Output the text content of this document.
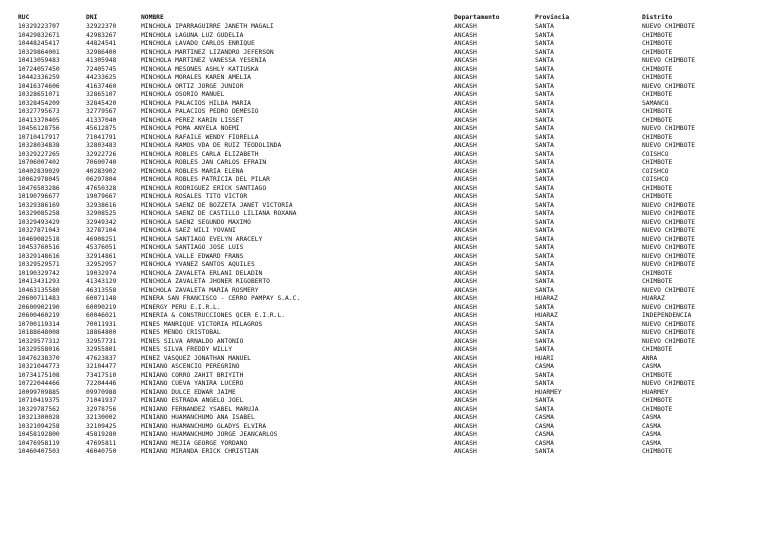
RUC	DNI	NOMBRE	Departamento	Provincia	Distrito
10329223707	32922370	MINCHOLA IPARRAGUIRRE JANETH MAGALI	ANCASH	SANTA	NUEVO CHIMBOTE
10429832671	42983267	MINCHOLA LAGUNA LUZ GUDELIA	ANCASH	SANTA	CHIMBOTE
10448245417	44824541	MINCHOLA LAVADO CARLOS ENRIQUE	ANCASH	SANTA	CHIMBOTE
10329864001	32986400	MINCHOLA MARTINEZ LIZANDRO JEFERSON	ANCASH	SANTA	CHIMBOTE
10413059483	41305948	MINCHOLA MARTINEZ VANESSA YESENIA	ANCASH	SANTA	NUEVO CHIMBOTE
10724057450	72405745	MINCHOLA MESONES ASHLY KATIUSKA	ANCASH	SANTA	CHIMBOTE
10442336259	44233625	MINCHOLA MORALES KAREN AMELIA	ANCASH	SANTA	CHIMBOTE
10416374606	41637460	MINCHOLA ORTIZ JORGE JUNIOR	ANCASH	SANTA	NUEVO CHIMBOTE
10328651071	32865107	MINCHOLA OSORIO MANUEL	ANCASH	SANTA	CHIMBOTE
10328454209	32845420	MINCHOLA PALACIOS HILDA MARIA	ANCASH	SANTA	SAMANCO
10327795673	32779567	MINCHOLA PALACIOS PEDRO DEMESIO	ANCASH	SANTA	CHIMBOTE
10413370405	41337040	MINCHOLA PEREZ KARIN LISSET	ANCASH	SANTA	CHIMBOTE
10456128756	45612875	MINCHOLA POMA ANYELA NOEMI	ANCASH	SANTA	NUEVO CHIMBOTE
10710417917	71041791	MINCHOLA RAFAILE WENDY FIORELLA	ANCASH	SANTA	CHIMBOTE
10328034838	32803483	MINCHOLA RAMOS VDA DE RUIZ TEODOLINDA	ANCASH	SANTA	NUEVO CHIMBOTE
10329227265	32922726	MINCHOLA ROBLES CARLA ELIZABETH	ANCASH	SANTA	COISHCO
10706007402	70600740	MINCHOLA ROBLES JAN CARLOS EFRAIN	ANCASH	SANTA	CHIMBOTE
10402839029	40283902	MINCHOLA ROBLES MARIA ELENA	ANCASH	SANTA	COISHCO
10062978045	06297804	MINCHOLA ROBLES PATRICIA DEL PILAR	ANCASH	SANTA	COISHCO
10476503286	47650328	MINCHOLA RODRIGUEZ ERICK SANTIAGO	ANCASH	SANTA	CHIMBOTE
10190796677	19079667	MINCHOLA ROSALES TITO VICTOR	ANCASH	SANTA	CHIMBOTE
10329386169	32938616	MINCHOLA SAENZ DE BOZZETA JANET VICTORIA	ANCASH	SANTA	NUEVO CHIMBOTE
10329085258	32908525	MINCHOLA SAENZ DE CASTILLO LILIANA ROXANA	ANCASH	SANTA	NUEVO CHIMBOTE
10329493429	32949342	MINCHOLA SAENZ SEGUNDO MAXIMO	ANCASH	SANTA	NUEVO CHIMBOTE
10327871043	32787104	MINCHOLA SAEZ WILI YOVANI	ANCASH	SANTA	NUEVO CHIMBOTE
10469082518	46908251	MINCHOLA SANTIAGO EVELYN ARACELY	ANCASH	SANTA	NUEVO CHIMBOTE
10453760516	45376051	MINCHOLA SANTIAGO JOSE LUIS	ANCASH	SANTA	NUEVO CHIMBOTE
10329148616	32914861	MINCHOLA VALLE EDWARD FRANS	ANCASH	SANTA	NUEVO CHIMBOTE
10329529571	32952957	MINCHOLA YVAÑEZ SANTOS AQUILES	ANCASH	SANTA	NUEVO CHIMBOTE
10190329742	19032974	MINCHOLA ZAVALETA ERLANI DELADIN	ANCASH	SANTA	CHIMBOTE
10413431293	41343129	MINCHOLA ZAVALETA JHONER RIGOBERTO	ANCASH	SANTA	CHIMBOTE
10463135580	46313558	MINCHOLA ZAVALETA MARIA ROSMERY	ANCASH	SANTA	NUEVO CHIMBOTE
20600711483	60071148	MINERA SAN FRANCISCO - CERRO PAMPAY S.A.C.	ANCASH	HUARAZ	HUARAZ
20600902190	60090219	MINERGY PERU E.I.R.L.	ANCASH	SANTA	NUEVO CHIMBOTE
20600460219	60046021	MINERIA & CONSTRUCCIONES QCER E.I.R.L.	ANCASH	HUARAZ	INDEPENDENCIA
10700119314	70011931	MINES MANRIQUE VICTORIA MILAGROS	ANCASH	SANTA	NUEVO CHIMBOTE
10188648008	18864800	MINES MENDO CRISTOBAL	ANCASH	SANTA	NUEVO CHIMBOTE
10329577312	32957731	MINES SILVA ARNALDO ANTONIO	ANCASH	SANTA	NUEVO CHIMBOTE
10329558016	32955801	MINES SILVA FREDDY WILLY	ANCASH	SANTA	CHIMBOTE
10476238370	47623837	MINEZ VASQUEZ JONATHAN MANUEL	ANCASH	HUARI	ANRA
10321044773	32104477	MINIANO ASCENCIO PEREGRINO	ANCASH	CASMA	CASMA
10734175108	73417510	MINIANO CORRO ZAHIT BRIYITH	ANCASH	SANTA	CHIMBOTE
10722044466	72204446	MINIANO CUEVA YANIRA LUCERO	ANCASH	SANTA	NUEVO CHIMBOTE
10099709885	09970988	MINIANO DULCE EDWAR JAIME	ANCASH	HUARMEY	HUARMEY
10710419375	71041937	MINIANO ESTRADA ANGELO JOEL	ANCASH	SANTA	CHIMBOTE
10329787562	32978756	MINIANO FERNANDEZ YSABEL MARUJA	ANCASH	SANTA	CHIMBOTE
10321300028	32130002	MINIANO HUAMANCHUMO ANA ISABEL	ANCASH	CASMA	CASMA
10321094258	32109425	MINIANO HUAMANCHUMO GLADYS ELVIRA	ANCASH	CASMA	CASMA
10458192800	45819280	MINIANO HUAMANCHUMO JORGE JEANCARLOS	ANCASH	CASMA	CASMA
10476958119	47695811	MINIANO MEJIA GEORGE YORDANO	ANCASH	CASMA	CASMA
10460407503	46040750	MINIANO MIRANDA ERICK CHRISTIAN	ANCASH	SANTA	CHIMBOTE
